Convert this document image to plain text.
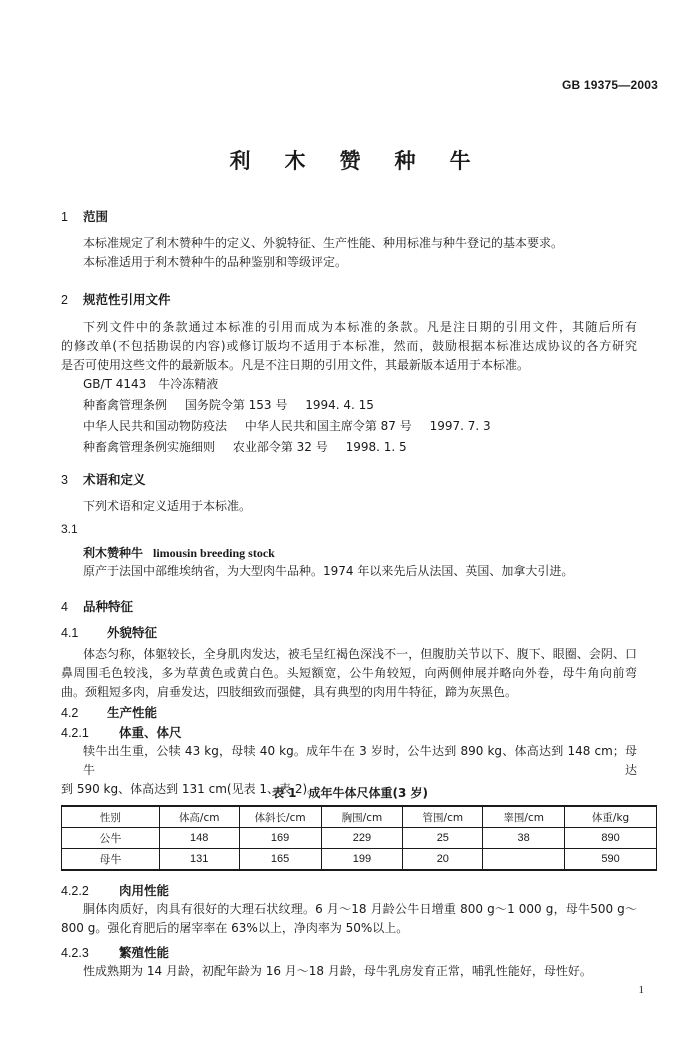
GB 19375—2003
利木赞种牛
1 范围
本标准规定了利木赞种牛的定义、外貌特征、生产性能、种用标准与种牛登记的基本要求。
本标准适用于利木赞种牛的品种鉴别和等级评定。
2 规范性引用文件
下列文件中的条款通过本标准的引用而成为本标准的条款。凡是注日期的引用文件，其随后所有
的修改单(不包括勘误的内容)或修订版均不适用于本标准，然而，鼓励根据本标准达成协议的各方研究
是否可使用这些文件的最新版本。凡是不注日期的引用文件，其最新版本适用于本标准。
GB/T 4143　牛冷冻精液
种畜禽管理条例 国务院令第 153 号 1994. 4. 15
中华人民共和国动物防疫法 中华人民共和国主席令第 87 号 1997. 7. 3
种畜禽管理条例实施细则 农业部令第 32 号 1998. 1. 5
3 术语和定义
下列术语和定义适用于本标准。
3.1
利木赞种牛 limousin breeding stock
原产于法国中部维埃纳省，为大型肉牛品种。1974 年以来先后从法国、英国、加拿大引进。
4 品种特征
4.1 外貌特征
体态匀称，体躯较长，全身肌肉发达，被毛呈红褐色深浅不一，但腹肋关节以下、腹下、眼圈、会阴、口
鼻周围毛色较浅，多为草黄色或黄白色。头短额宽，公牛角较短，向两侧伸展并略向外卷，母牛角向前弯
曲。颈粗短多肉，肩垂发达，四肢细致而强健，具有典型的肉用牛特征，蹄为灰黑色。
4.2 生产性能
4.2.1 体重、体尺
犊牛出生重，公犊 43 kg，母犊 40 kg。成年牛在 3 岁时，公牛达到 890 kg、体高达到 148 cm；母牛达
到 590 kg、体高达到 131 cm(见表 1、表 2)。
表 1　成年牛体尺体重(3 岁)
性别	体高/cm	体斜长/cm	胸围/cm	管围/cm	睾围/cm	体重/kg
公牛	148	169	229	25	38	890
母牛	131	165	199	20		590
4.2.2 肉用性能
胴体肉质好，肉具有很好的大理石状纹理。6 月～18 月龄公牛日增重 800 g～1 000 g，母牛500 g～
800 g。强化育肥后的屠宰率在 63%以上，净肉率为 50%以上。
4.2.3 繁殖性能
性成熟期为 14 月龄，初配年龄为 16 月～18 月龄，母牛乳房发育正常，哺乳性能好，母性好。
1
